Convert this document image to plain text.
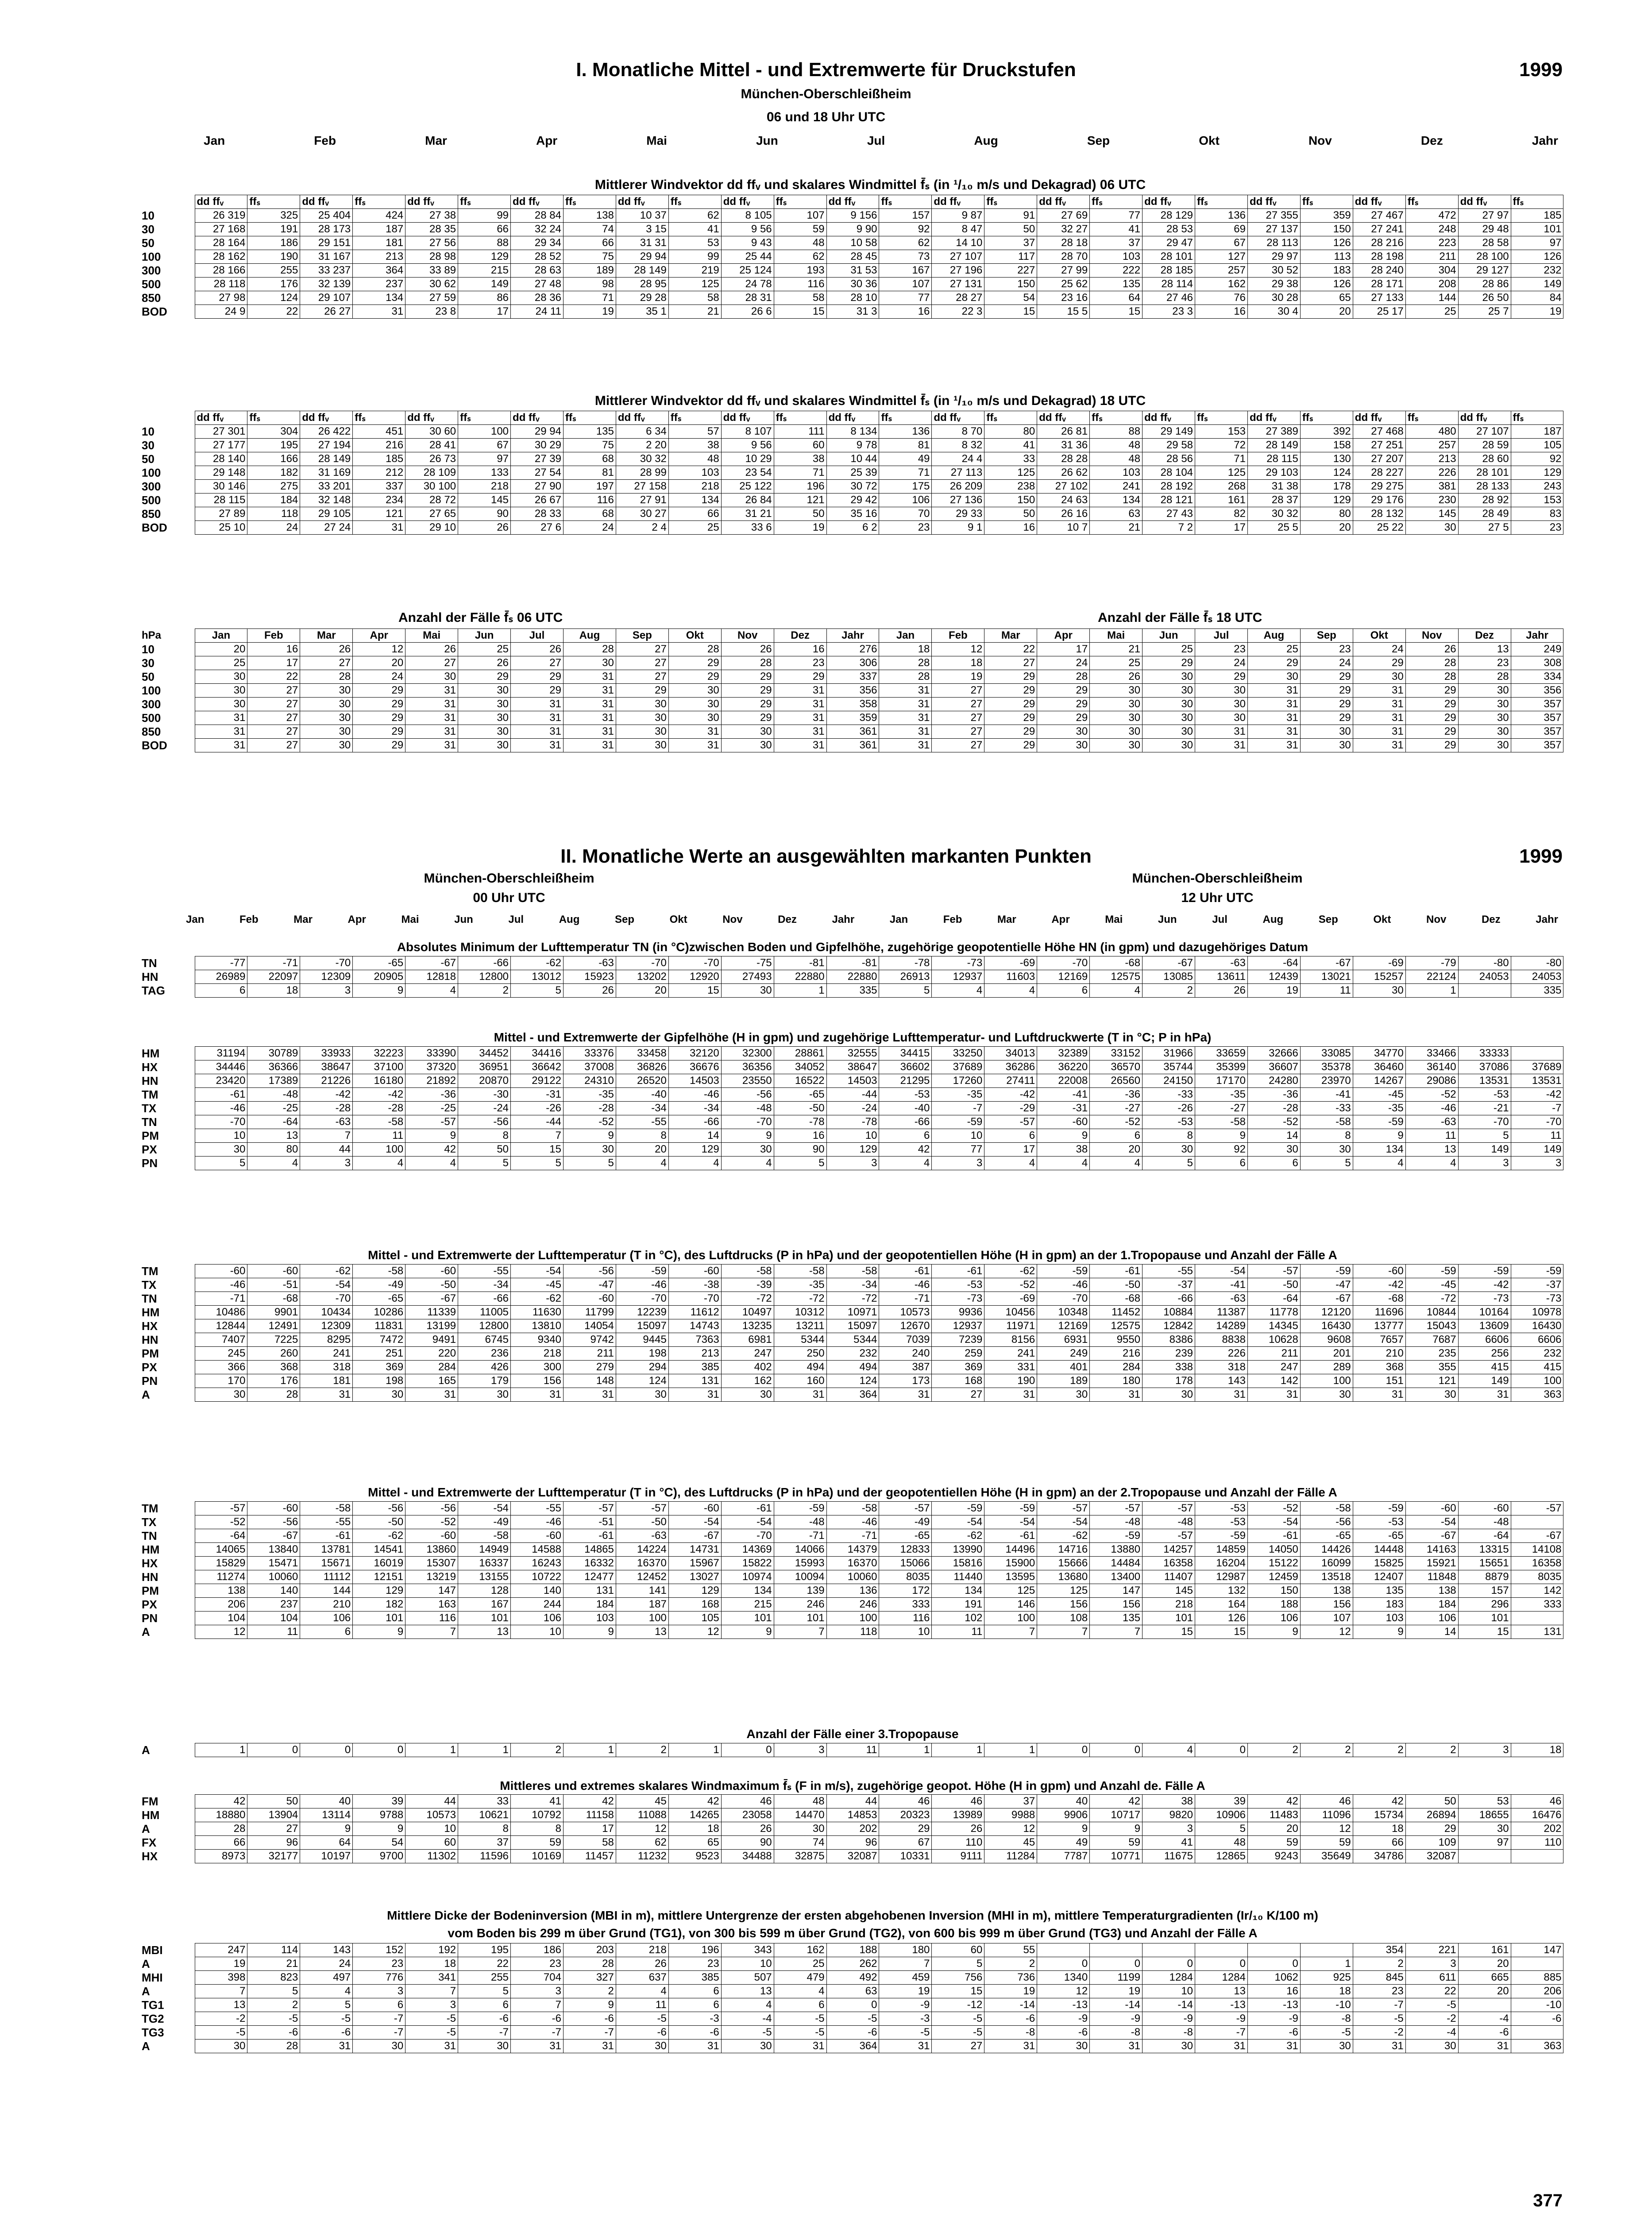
I. Monatliche Mittel - und Extremwerte für Druckstufen	1999
München-Oberschleißheim
06 und 18 Uhr UTC
Jan	Feb	Mar	Apr	Mai	Jun	Jul	Aug	Sep	Okt	Nov	Dez	Jahr
Mittlerer Windvektor dd ffᵥ und skalares Windmittel f̄ₛ (in ¹/₁₀ m/s und Dekagrad) 06 UTC
	dd ffᵥ	ffₛ	dd ffᵥ	ffₛ	dd ffᵥ	ffₛ	dd ffᵥ	ffₛ	dd ffᵥ	ffₛ	dd ffᵥ	ffₛ	dd ffᵥ	ffₛ	dd ffᵥ	ffₛ	dd ffᵥ	ffₛ	dd ffᵥ	ffₛ	dd ffᵥ	ffₛ	dd ffᵥ	ffₛ	dd ffᵥ	ffₛ
10	26 319	325	25 404	424	27 38	99	28 84	138	10 37	62	8 105	107	9 156	157	9 87	91	27 69	77	28 129	136	27 355	359	27 467	472	27 97	185
30	27 168	191	28 173	187	28 35	66	32 24	74	3 15	41	9 56	59	9 90	92	8 47	50	32 27	41	28 53	69	27 137	150	27 241	248	29 48	101
50	28 164	186	29 151	181	27 56	88	29 34	66	31 31	53	9 43	48	10 58	62	14 10	37	28 18	37	29 47	67	28 113	126	28 216	223	28 58	97
100	28 162	190	31 167	213	28 98	129	28 52	75	29 94	99	25 44	62	28 45	73	27 107	117	28 70	103	28 101	127	29 97	113	28 198	211	28 100	126
300	28 166	255	33 237	364	33 89	215	28 63	189	28 149	219	25 124	193	31 53	167	27 196	227	27 99	222	28 185	257	30 52	183	28 240	304	29 127	232
500	28 118	176	32 139	237	30 62	149	27 48	98	28 95	125	24 78	116	30 36	107	27 131	150	25 62	135	28 114	162	29 38	126	28 171	208	28 86	149
850	27 98	124	29 107	134	27 59	86	28 36	71	29 28	58	28 31	58	28 10	77	28 27	54	23 16	64	27 46	76	30 28	65	27 133	144	26 50	84
BOD	24 9	22	26 27	31	23 8	17	24 11	19	35 1	21	26 6	15	31 3	16	22 3	15	15 5	15	23 3	16	30 4	20	25 17	25	25 7	19
Mittlerer Windvektor dd ffᵥ und skalares Windmittel f̄ₛ (in ¹/₁₀ m/s und Dekagrad) 18 UTC
	dd ffᵥ	ffₛ	dd ffᵥ	ffₛ	dd ffᵥ	ffₛ	dd ffᵥ	ffₛ	dd ffᵥ	ffₛ	dd ffᵥ	ffₛ	dd ffᵥ	ffₛ	dd ffᵥ	ffₛ	dd ffᵥ	ffₛ	dd ffᵥ	ffₛ	dd ffᵥ	ffₛ	dd ffᵥ	ffₛ	dd ffᵥ	ffₛ
10	27 301	304	26 422	451	30 60	100	29 94	135	6 34	57	8 107	111	8 134	136	8 70	80	26 81	88	29 149	153	27 389	392	27 468	480	27 107	187
30	27 177	195	27 194	216	28 41	67	30 29	75	2 20	38	9 56	60	9 78	81	8 32	41	31 36	48	29 58	72	28 149	158	27 251	257	28 59	105
50	28 140	166	28 149	185	26 73	97	27 39	68	30 32	48	10 29	38	10 44	49	24 4	33	28 28	48	28 56	71	28 115	130	27 207	213	28 60	92
100	29 148	182	31 169	212	28 109	133	27 54	81	28 99	103	23 54	71	25 39	71	27 113	125	26 62	103	28 104	125	29 103	124	28 227	226	28 101	129
300	30 146	275	33 201	337	30 100	218	27 90	197	27 158	218	25 122	196	30 72	175	26 209	238	27 102	241	28 192	268	31 38	178	29 275	381	28 133	243
500	28 115	184	32 148	234	28 72	145	26 67	116	27 91	134	26 84	121	29 42	106	27 136	150	24 63	134	28 121	161	28 37	129	29 176	230	28 92	153
850	27 89	118	29 105	121	27 65	90	28 33	68	30 27	66	31 21	50	35 16	70	29 33	50	26 16	63	27 43	82	30 32	80	28 132	145	28 49	83
BOD	25 10	24	27 24	31	29 10	26	27 6	24	2 4	25	33 6	19	6 2	23	9 1	16	10 7	21	7 2	17	25 5	20	25 22	30	27 5	23
Anzahl der Fälle f̄ₛ 06 UTC	Anzahl der Fälle f̄ₛ 18 UTC
hPa	Jan	Feb	Mar	Apr	Mai	Jun	Jul	Aug	Sep	Okt	Nov	Dez	Jahr	Jan	Feb	Mar	Apr	Mai	Jun	Jul	Aug	Sep	Okt	Nov	Dez	Jahr
10	20	16	26	12	26	25	26	28	27	28	26	16	276	18	12	22	17	21	25	23	25	23	24	26	13	249
30	25	17	27	20	27	26	27	30	27	29	28	23	306	28	18	27	24	25	29	24	29	24	29	28	23	308
50	30	22	28	24	30	29	29	31	27	29	29	29	337	28	19	29	28	26	30	29	30	29	30	28	28	334
100	30	27	30	29	31	30	29	31	29	30	29	31	356	31	27	29	29	30	30	30	31	29	31	29	30	356
300	30	27	30	29	31	30	31	31	30	30	29	31	358	31	27	29	29	30	30	30	31	29	31	29	30	357
500	31	27	30	29	31	30	31	31	30	30	29	31	359	31	27	29	29	30	30	30	31	29	31	29	30	357
850	31	27	30	29	31	30	31	31	30	31	30	31	361	31	27	29	30	30	30	31	31	30	31	29	30	357
BOD	31	27	30	29	31	30	31	31	30	31	30	31	361	31	27	29	30	30	30	31	31	30	31	29	30	357
II. Monatliche Werte an ausgewählten markanten Punkten	1999
München-Oberschleißheim	München-Oberschleißheim
00 Uhr UTC	12 Uhr UTC
Jan	Feb	Mar	Apr	Mai	Jun	Jul	Aug	Sep	Okt	Nov	Dez	Jahr	Jan	Feb	Mar	Apr	Mai	Jun	Jul	Aug	Sep	Okt	Nov	Dez	Jahr
Absolutes Minimum der Lufttemperatur TN (in °C)zwischen Boden und Gipfelhöhe, zugehörige geopotentielle Höhe HN (in gpm) und dazugehöriges Datum
TN	-77	-71	-70	-65	-67	-66	-62	-63	-70	-70	-75	-81	-81	-78	-73	-69	-70	-68	-67	-63	-64	-67	-69	-79	-80	-80
HN	26989	22097	12309	20905	12818	12800	13012	15923	13202	12920	27493	22880	22880	26913	12937	11603	12169	12575	13085	13611	12439	13021	15257	22124	24053	24053
TAG	6	18	3	9	4	2	5	26	20	15	30	1	335	5	4	4	6	4	2	26	19	11	30	1		335
Mittel - und Extremwerte der Gipfelhöhe (H in gpm) und zugehörige Lufttemperatur- und Luftdruckwerte (T in °C; P in hPa)
HM	31194	30789	33933	32223	33390	34452	34416	33376	33458	32120	32300	28861	32555	34415	33250	34013	32389	33152	31966	33659	32666	33085	34770	33466	33333	
HX	34446	36366	38647	37100	37320	36951	36642	37008	36826	36676	36356	34052	38647	36602	37689	36286	36220	36570	35744	35399	36607	35378	36460	36140	37086	37689
HN	23420	17389	21226	16180	21892	20870	29122	24310	26520	14503	23550	16522	14503	21295	17260	27411	22008	26560	24150	17170	24280	23970	14267	29086	13531	13531
TM	-61	-48	-42	-42	-36	-30	-31	-35	-40	-46	-56	-65	-44	-53	-35	-42	-41	-36	-33	-35	-36	-41	-45	-52	-53	-42
TX	-46	-25	-28	-28	-25	-24	-26	-28	-34	-34	-48	-50	-24	-40	-7	-29	-31	-27	-26	-27	-28	-33	-35	-46	-21	-7
TN	-70	-64	-63	-58	-57	-56	-44	-52	-55	-66	-70	-78	-78	-66	-59	-57	-60	-52	-53	-58	-52	-58	-59	-63	-70	-70
PM	10	13	7	11	9	8	7	9	8	14	9	16	10	6	10	6	9	6	8	9	14	8	9	11	5	11
PX	30	80	44	100	42	50	15	30	20	129	30	90	129	42	77	17	38	20	30	92	30	30	134	13	149	149
PN	5	4	3	4	4	5	5	5	4	4	4	5	3	4	3	4	4	4	5	6	6	5	4	4	3	3
Mittel - und Extremwerte der Lufttemperatur (T in °C), des Luftdrucks (P in hPa) und der geopotentiellen Höhe (H in gpm) an der 1.Tropopause und Anzahl der Fälle A
TM	-60	-60	-62	-58	-60	-55	-54	-56	-59	-60	-58	-58	-58	-61	-61	-62	-59	-61	-55	-54	-57	-59	-60	-59	-59	-59
TX	-46	-51	-54	-49	-50	-34	-45	-47	-46	-38	-39	-35	-34	-46	-53	-52	-46	-50	-37	-41	-50	-47	-42	-45	-42	-37
TN	-71	-68	-70	-65	-67	-66	-62	-60	-70	-70	-72	-72	-72	-71	-73	-69	-70	-68	-66	-63	-64	-67	-68	-72	-73	-73
HM	10486	9901	10434	10286	11339	11005	11630	11799	12239	11612	10497	10312	10971	10573	9936	10456	10348	11452	10884	11387	11778	12120	11696	10844	10164	10978
HX	12844	12491	12309	11831	13199	12800	13810	14054	15097	14743	13235	13211	15097	12670	12937	11971	12169	12575	12842	14289	14345	16430	13777	15043	13609	16430
HN	7407	7225	8295	7472	9491	6745	9340	9742	9445	7363	6981	5344	5344	7039	7239	8156	6931	9550	8386	8838	10628	9608	7657	7687	6606	6606
PM	245	260	241	251	220	236	218	211	198	213	247	250	232	240	259	241	249	216	239	226	211	201	210	235	256	232
PX	366	368	318	369	284	426	300	279	294	385	402	494	494	387	369	331	401	284	338	318	247	289	368	355	415	415
PN	170	176	181	198	165	179	156	148	124	131	162	160	124	173	168	190	189	180	178	143	142	100	151	121	149	100
A	30	28	31	30	31	30	31	31	30	31	30	31	364	31	27	31	30	31	30	31	31	30	31	30	31	363
Mittel - und Extremwerte der Lufttemperatur (T in °C), des Luftdrucks (P in hPa) und der geopotentiellen Höhe (H in gpm) an der 2.Tropopause und Anzahl der Fälle A
TM	-57	-60	-58	-56	-56	-54	-55	-57	-57	-60	-61	-59	-58	-57	-59	-59	-57	-57	-57	-53	-52	-58	-59	-60	-60	-57
TX	-52	-56	-55	-50	-52	-49	-46	-51	-50	-54	-54	-48	-46	-49	-54	-54	-54	-48	-48	-53	-54	-56	-53	-54	-48	
TN	-64	-67	-61	-62	-60	-58	-60	-61	-63	-67	-70	-71	-71	-65	-62	-61	-62	-59	-57	-59	-61	-65	-65	-67	-64	-67
HM	14065	13840	13781	14541	13860	14949	14588	14865	14224	14731	14369	14066	14379	12833	13990	14496	14716	13880	14257	14859	14050	14426	14448	14163	13315	14108
HX	15829	15471	15671	16019	15307	16337	16243	16332	16370	15967	15822	15993	16370	15066	15816	15900	15666	14484	16358	16204	15122	16099	15825	15921	15651	16358
HN	11274	10060	11112	12151	13219	13155	10722	12477	12452	13027	10974	10094	10060	8035	11440	13595	13680	13400	11407	12987	12459	13518	12407	11848	8879	8035
PM	138	140	144	129	147	128	140	131	141	129	134	139	136	172	134	125	125	147	145	132	150	138	135	138	157	142
PX	206	237	210	182	163	167	244	184	187	168	215	246	246	333	191	146	156	156	218	164	188	156	183	184	296	333
PN	104	104	106	101	116	101	106	103	100	105	101	101	100	116	102	100	108	135	101	126	106	107	103	106	101	
A	12	11	6	9	7	13	10	9	13	12	9	7	118	10	11	7	7	7	15	15	9	12	9	14	15	131
Anzahl der Fälle einer 3.Tropopause
A	1	0	0	0	1	1	2	1	2	1	0	3	11	1	1	1	0	0	4	0	2	2	2	2	3	18
Mittleres und extremes skalares Windmaximum f̄ₛ (F in m/s), zugehörige geopot. Höhe (H in gpm) und Anzahl de. Fälle A
FM	42	50	40	39	44	33	41	42	45	42	46	48	44	46	46	37	40	42	38	39	42	46	42	50	53	46
HM	18880	13904	13114	9788	10573	10621	10792	11158	11088	14265	23058	14470	14853	20323	13989	9988	9906	10717	9820	10906	11483	11096	15734	26894	18655	16476
A	28	27	9	9	10	8	8	17	12	18	26	30	202	29	26	12	9	9	3	5	20	12	18	29	30	202
FX	66	96	64	54	60	37	59	58	62	65	90	74	96	67	110	45	49	59	41	48	59	59	66	109	97	110
HX	8973	32177	10197	9700	11302	11596	10169	11457	11232	9523	34488	32875	32087	10331	9111	11284	7787	10771	11675	12865	9243	35649	34786	32087		
Mittlere Dicke der Bodeninversion (MBI in m), mittlere Untergrenze der ersten abgehobenen Inversion (MHI in m), mittlere Temperaturgradienten (Ir/₁₀ K/100 m)
vom Boden bis 299 m über Grund (TG1), von 300 bis 599 m über Grund (TG2), von 600 bis 999 m über Grund (TG3) und Anzahl der Fälle A
MBI	247	114	143	152	192	195	186	203	218	196	343	162	188	180	60	55							354	221	161	147
A	19	21	24	23	18	22	23	28	26	23	10	25	262	7	5	2	0	0	0	0	0	1	2	3	20	
MHI	398	823	497	776	341	255	704	327	637	385	507	479	492	459	756	736	1340	1199	1284	1284	1062	925	845	611	665	885
A	7	5	4	3	7	5	3	2	4	6	13	4	63	19	15	19	12	19	10	13	16	18	23	22	20	206
TG1	13	2	5	6	3	6	7	9	11	6	4	6	0	-9	-12	-14	-13	-14	-14	-13	-13	-10	-7	-5		-10
TG2	-2	-5	-5	-7	-5	-6	-6	-6	-5	-3	-4	-5	-5	-3	-5	-6	-9	-9	-9	-9	-9	-8	-5	-2	-4	-6
TG3	-5	-6	-6	-7	-5	-7	-7	-7	-6	-6	-5	-5	-6	-5	-5	-8	-6	-8	-8	-7	-6	-5	-2	-4	-6	
A	30	28	31	30	31	30	31	31	30	31	30	31	364	31	27	31	30	31	30	31	31	30	31	30	31	363
377
